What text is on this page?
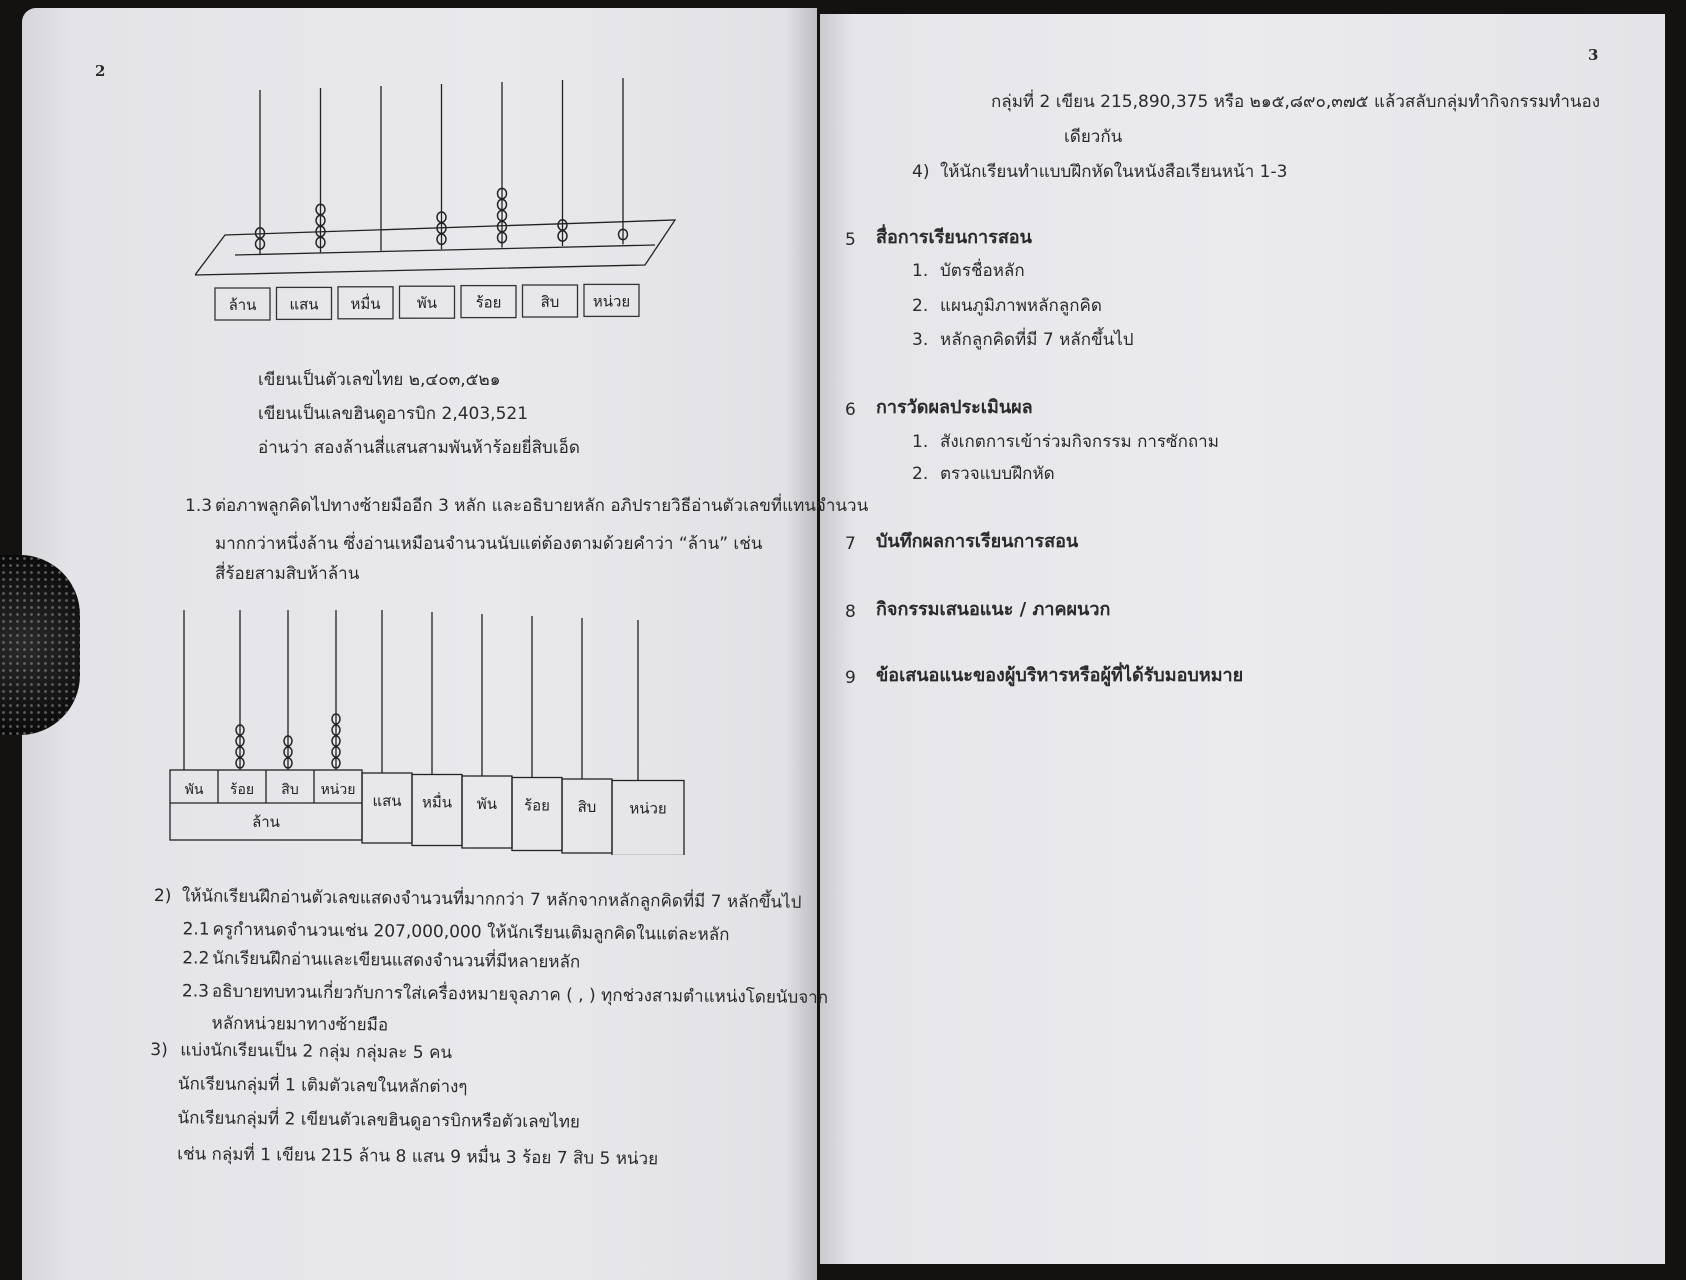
2
ล้าน แสน หมื่น พัน	ร้อย	สิบ หน่วย
เขียนเป็นตัวเลขไทย ๒,๔๐๓,๕๒๑
เขียนเป็นเลขฮินดูอารบิก 2,403,521
อ่านว่า สองล้านสี่แสนสามพันห้าร้อยยี่สิบเอ็ด
1.3 ต่อภาพลูกคิดไปทางซ้ายมืออีก 3 หลัก และอธิบายหลัก อภิปรายวิธีอ่านตัวเลขที่แทนจำนวน
มากกว่าหนึ่งล้าน ซึ่งอ่านเหมือนจำนวนนับแต่ต้องตามด้วยคำว่า “ล้าน” เช่น
สี่ร้อยสามสิบห้าล้าน
ล้าน
พัน ร้อย สิบ หน่วย
แสน หมื่น พัน ร้อย สิบ หน่วย
2) ให้นักเรียนฝึกอ่านตัวเลขแสดงจำนวนที่มากกว่า 7 หลักจากหลักลูกคิดที่มี 7 หลักขึ้นไป
2.1 ครูกำหนดจำนวนเช่น 207,000,000 ให้นักเรียนเติมลูกคิดในแต่ละหลัก
2.2 นักเรียนฝึกอ่านและเขียนแสดงจำนวนที่มีหลายหลัก
2.3 อธิบายทบทวนเกี่ยวกับการใส่เครื่องหมายจุลภาค ( , ) ทุกช่วงสามตำแหน่งโดยนับจาก
หลักหน่วยมาทางซ้ายมือ
3) แบ่งนักเรียนเป็น 2 กลุ่ม กลุ่มละ 5 คน
นักเรียนกลุ่มที่ 1 เติมตัวเลขในหลักต่างๆ
นักเรียนกลุ่มที่ 2 เขียนตัวเลขฮินดูอารบิกหรือตัวเลขไทย
เช่น กลุ่มที่ 1 เขียน 215 ล้าน 8 แสน 9 หมื่น 3 ร้อย 7 สิบ 5 หน่วย
3
กลุ่มที่ 2 เขียน 215,890,375 หรือ ๒๑๕,๘๙๐,๓๗๕ แล้วสลับกลุ่มทำกิจกรรมทำนอง
เดียวกัน
4) ให้นักเรียนทำแบบฝึกหัดในหนังสือเรียนหน้า 1-3
5 สื่อการเรียนการสอน
1. บัตรชื่อหลัก
2. แผนภูมิภาพหลักลูกคิด
3. หลักลูกคิดที่มี 7 หลักขึ้นไป
6 การวัดผลประเมินผล
1. สังเกตการเข้าร่วมกิจกรรม การซักถาม
2. ตรวจแบบฝึกหัด
7 บันทึกผลการเรียนการสอน
8 กิจกรรมเสนอแนะ / ภาคผนวก
9 ข้อเสนอแนะของผู้บริหารหรือผู้ที่ได้รับมอบหมาย
